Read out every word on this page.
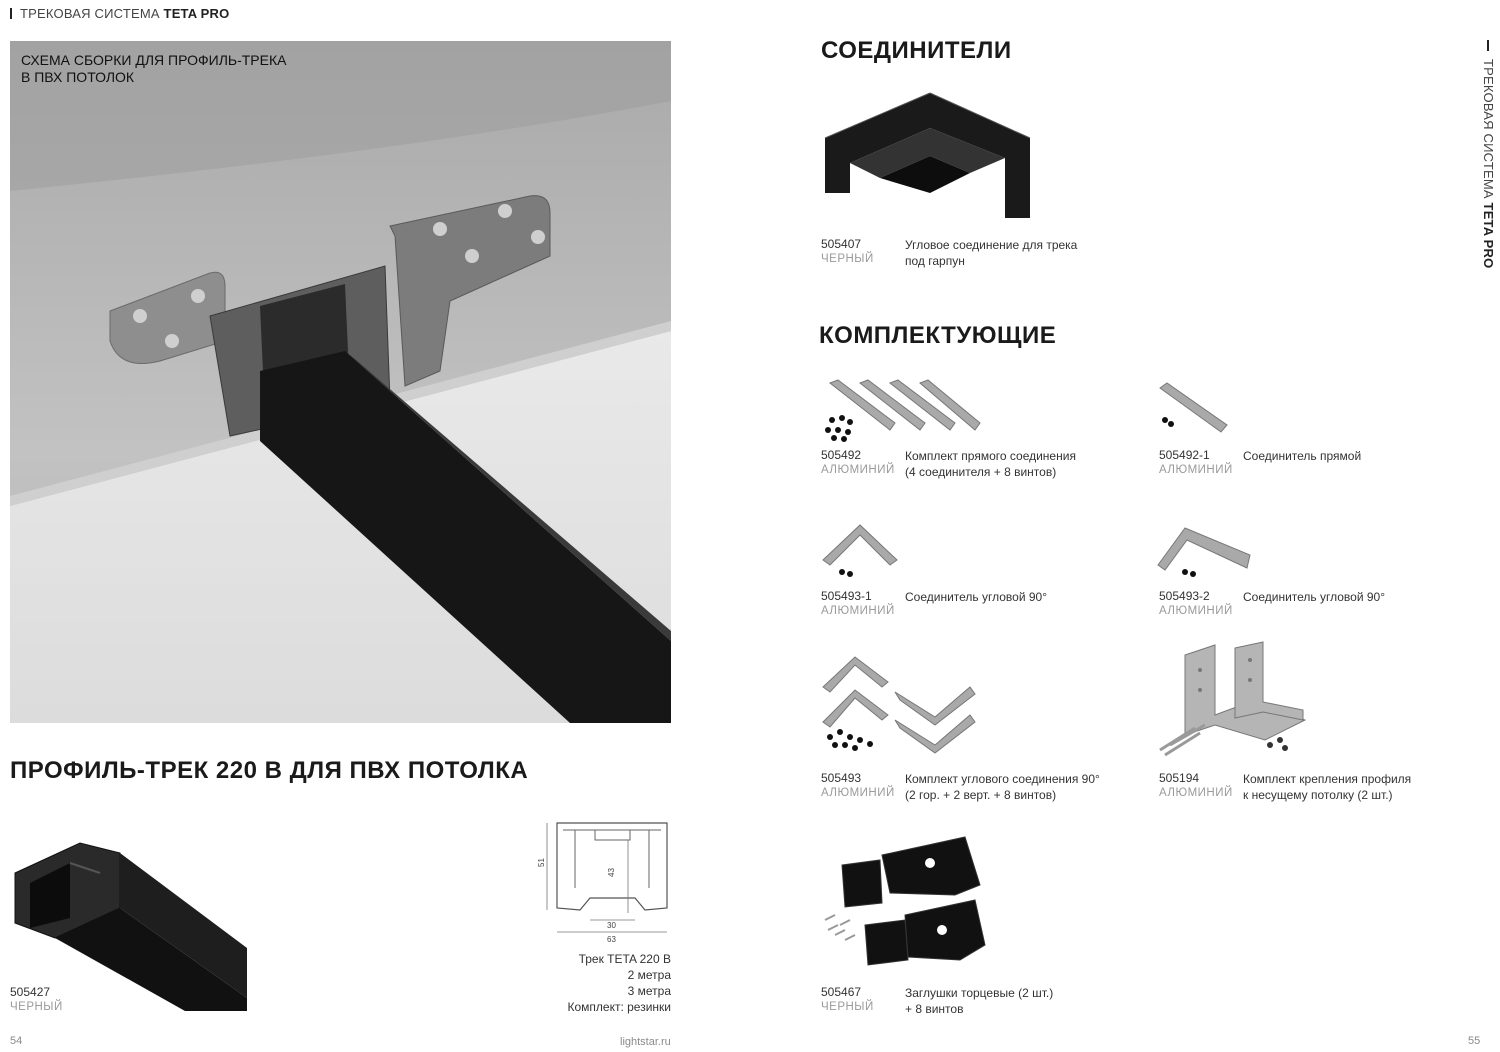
ТРЕКОВАЯ СИСТЕМА TETA PRO
ТРЕКОВАЯ СИСТЕМА TETA PRO
СХЕМА СБОРКИ ДЛЯ ПРОФИЛЬ-ТРЕКА
В ПВХ ПОТОЛОК
ПРОФИЛЬ-ТРЕК 220 В ДЛЯ ПВХ ПОТОЛКА
505427
ЧЕРНЫЙ
51
43
30
63
Трек TETA 220 В
2 метра
3 метра
Комплект: резинки
СОЕДИНИТЕЛИ
505407
ЧЕРНЫЙ
Угловое соединение для трека
под гарпун
КОМПЛЕКТУЮЩИЕ
505492
АЛЮМИНИЙ
Комплект прямого соединения
(4 соединителя + 8 винтов)
505492-1
АЛЮМИНИЙ
Соединитель прямой
505493-1
АЛЮМИНИЙ
Соединитель угловой 90°	505493-2
АЛЮМИНИЙ
Соединитель угловой 90°
505493
АЛЮМИНИЙ
Комплект углового соединения 90°
(2 гор. + 2 верт. + 8 винтов)
505194
АЛЮМИНИЙ
Комплект крепления профиля
к несущему потолку (2 шт.)
505467
ЧЕРНЫЙ
Заглушки торцевые (2 шт.)
+ 8 винтов
54	lightstar.ru	55
